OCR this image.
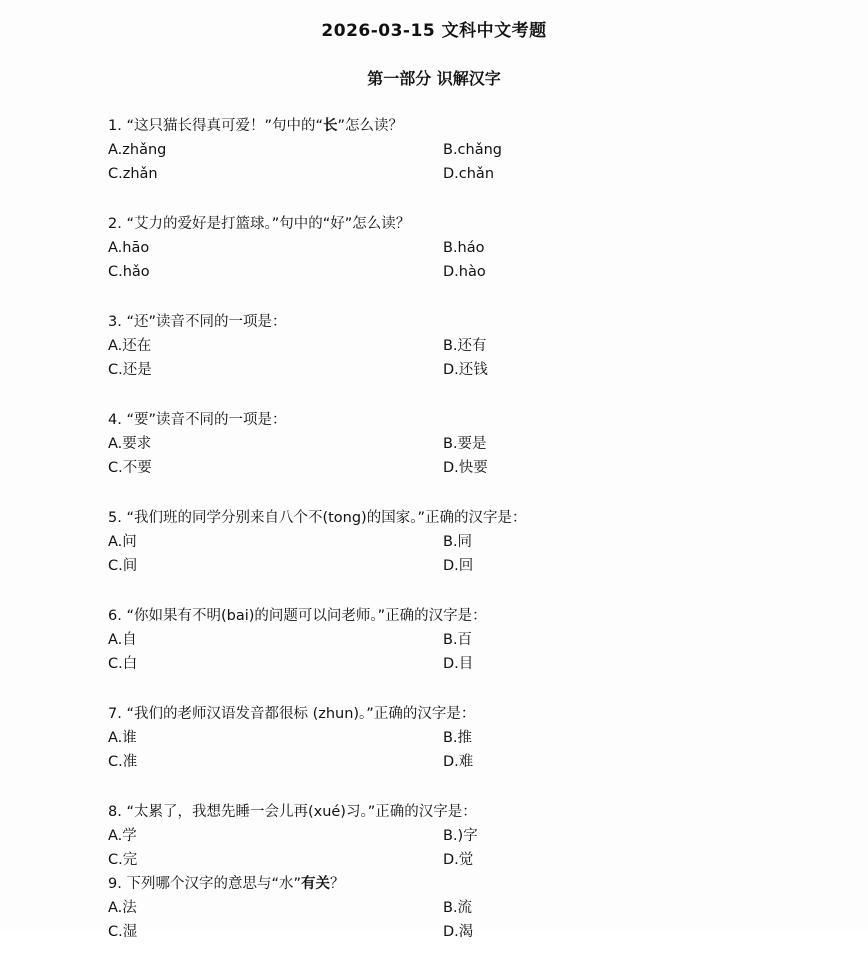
2026-03-15 文科中文考题
第一部分 识解汉字
1. “这只猫长得真可爱！”句中的“长”怎么读？
A.zhǎng	B.chǎng
C.zhǎn	D.chǎn
2. “艾力的爱好是打篮球。”句中的“好”怎么读？
A.hāo	B.háo
C.hǎo	D.hào
3. “还”读音不同的一项是：
A.还在	B.还有
C.还是	D.还钱
4. “要”读音不同的一项是：
A.要求	B.要是
C.不要	D.快要
5. “我们班的同学分别来自八个不(tong)的国家。”正确的汉字是：
A.问	B.同
C.间	D.回
6. “你如果有不明(bai)的问题可以问老师。”正确的汉字是：
A.自	B.百
C.白	D.目
7. “我们的老师汉语发音都很标 (zhun)。”正确的汉字是：
A.谁	B.推
C.准	D.难
8. “太累了，我想先睡一会儿再(xué)习。”正确的汉字是：
A.学	B.)字
C.完	D.觉
9. 下列哪个汉字的意思与“水”有关？
A.法	B.流
C.湿	D.渴
